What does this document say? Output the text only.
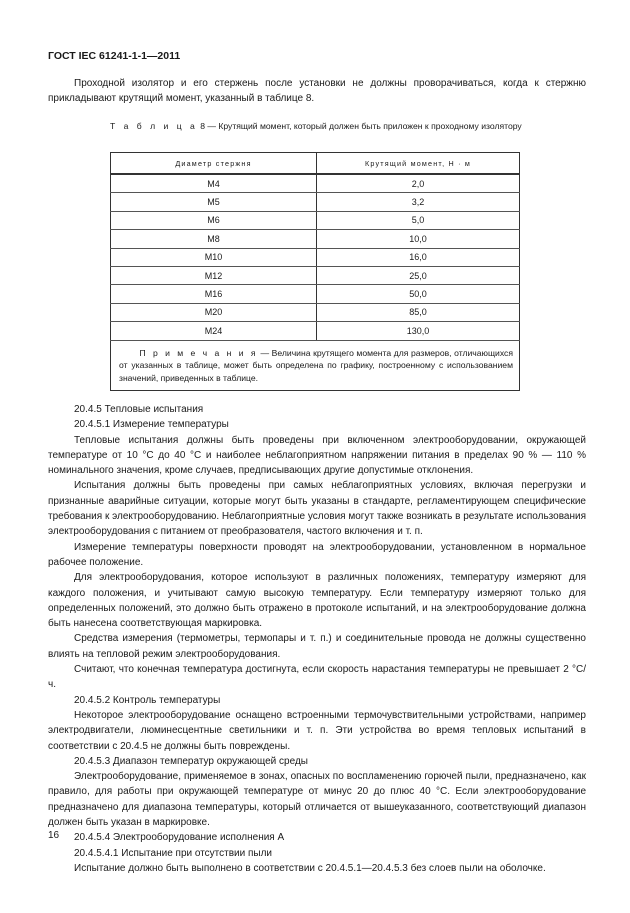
ГОСТ IEC 61241-1-1—2011

Проходной изолятор и его стержень после установки не должны проворачиваться, когда к стержню прикладывают крутящий момент, указанный в таблице 8.

Т а б л и ц а 8 — Крутящий момент, который должен быть приложен к проходному изолятору
Диаметр стержня	Крутящий момент, Н · м
М4	2,0
М5	3,2
М6	5,0
М8	10,0
М10	16,0
М12	25,0
М16	50,0
М20	85,0
М24	130,0
П р и м е ч а н и я — Величина крутящего момента для размеров, отличающихся от указанных в таблице, может быть определена по графику, построенному с использованием значений, приведенных в таблице.	
20.4.5 Тепловые испытания
20.4.5.1 Измерение температуры
Тепловые испытания должны быть проведены при включенном электрооборудовании, окружающей температуре от 10 °С до 40 °С и наиболее неблагоприятном напряжении питания в пределах 90 % — 110 % номинального значения, кроме случаев, предписывающих другие допустимые отклонения.
Испытания должны быть проведены при самых неблагоприятных условиях, включая перегрузки и признанные аварийные ситуации, которые могут быть указаны в стандарте, регламентирующем специфические требования к электрооборудованию. Неблагоприятные условия могут также возникать в результате использования электрооборудования с питанием от преобразователя, частого включения и т. п.
Измерение температуры поверхности проводят на электрооборудовании, установленном в нормальное рабочее положение.
Для электрооборудования, которое используют в различных положениях, температуру измеряют для каждого положения, и учитывают самую высокую температуру. Если температуру измеряют только для определенных положений, это должно быть отражено в протоколе испытаний, и на электрооборудование должна быть нанесена соответствующая маркировка.
Средства измерения (термометры, термопары и т. п.) и соединительные провода не должны существенно влиять на тепловой режим электрооборудования.
Считают, что конечная температура достигнута, если скорость нарастания температуры не превышает 2 °С/ч.
20.4.5.2 Контроль температуры
Некоторое электрооборудование оснащено встроенными термочувствительными устройствами, например электродвигатели, люминесцентные светильники и т. п. Эти устройства во время тепловых испытаний в соответствии с 20.4.5 не должны быть повреждены.
20.4.5.3 Диапазон температур окружающей среды
Электрооборудование, применяемое в зонах, опасных по воспламенению горючей пыли, предназначено, как правило, для работы при окружающей температуре от минус 20 до плюс 40 °С. Если электрооборудование предназначено для диапазона температуры, который отличается от вышеуказанного, соответствующий диапазон должен быть указан в маркировке.
20.4.5.4 Электрооборудование исполнения А
20.4.5.4.1 Испытание при отсутствии пыли
Испытание должно быть выполнено в соответствии с 20.4.5.1—20.4.5.3 без слоев пыли на оболочке.
16
